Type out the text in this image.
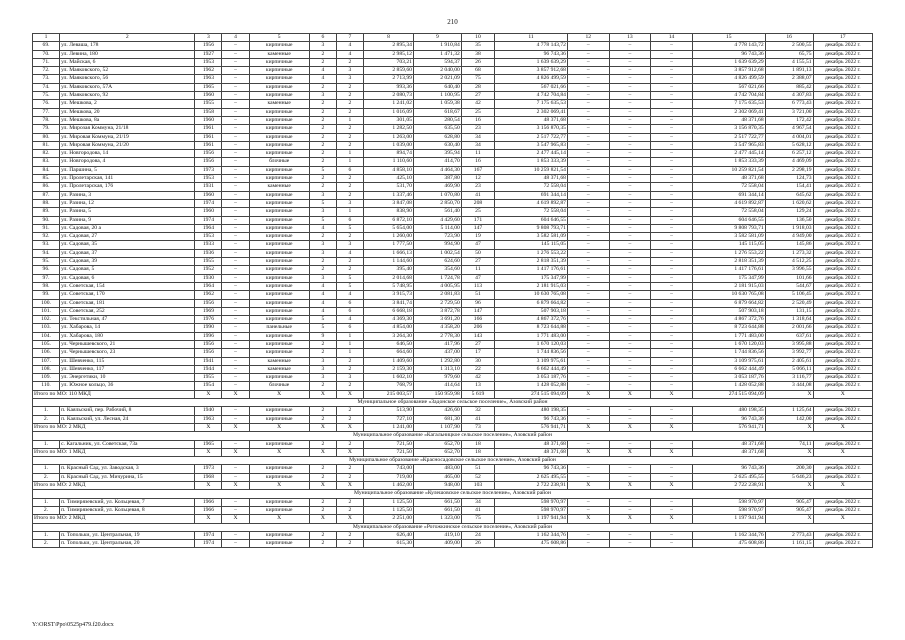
210
1	2	3	4	5	6	7	8	9	10	11	12	13	14	15	16	17
69.	ул. Леваша, 178	1956	–	кирпичные	3	4	2 895,34	1 910,84	35	4 778 143,72	–	–	–	4 778 143,72	2 500,55	декабрь 2022 г.
70.	ул. Левина, 180	1927	–	каменные	2	4	2 985,12	1 471,32	38	96 743,36	–	–	–	96 743,36	65,75	декабрь 2022 г.
71.	ул. Майская, 6	1953	–	кирпичные	2	2	703,21	594,37	26	1 639 639,29	–	–	–	1 639 639,29	4 155,51	декабрь 2022 г.
72.	ул. Маяковского, 52	1962	–	кирпичные	4	3	2 859,60	2 040,00	68	3 857 912,68	–	–	–	3 857 912,68	1 891,13	декабрь 2022 г.
73.	ул. Маяковского, 56	1963	–	кирпичные	4	3	2 713,99	2 021,09	75	4 826 499,59	–	–	–	4 826 499,59	2 388,07	декабрь 2022 г.
74.	ул. Маяковского, 57А	1965	–	кирпичные	2	2	993,36	640,40	28	567 021,66	–	–	–	567 021,66	885,42	декабрь 2022 г.
75.	ул. Маяковского, 92	1960	–	кирпичные	3	2	2 080,73	1 100,95	27	4 742 704,84	–	–	–	4 742 704,84	4 307,83	декабрь 2022 г.
76.	ул. Мешкова, 2	1955	–	каменные	2	2	1 241,02	1 059,38	42	7 175 635,53	–	–	–	7 175 635,53	6 773,43	декабрь 2022 г.
77.	ул. Мешкова, 20	1958	–	кирпичные	2	2	1 016,09	618,67	25	2 302 069,41	–	–	–	2 302 069,41	3 721,00	декабрь 2022 г.
78.	ул. Мешкова, 8а	1960	–	кирпичные	2	1	301,05	280,54	16	48 371,68	–	–	–	48 371,68	172,42	декабрь 2022 г.
79.	ул. Мирозая Коммуна, 21/18	1961	–	кирпичные	2	2	1 282,50	635,50	23	3 156 870,35	–	–	–	3 156 870,35	4 967,54	декабрь 2022 г.
80.	ул. Мировая Коммуна, 21/19	1961	–	кирпичные	2	2	1 263,00	628,80	34	2 517 722,77	–	–	–	2 517 722,77	4 004,01	декабрь 2022 г.
81.	ул. Мировая Коммуна, 21/20	1961	–	кирпичные	2	2	1 039,00	630,40	34	3 547 965,83	–	–	–	3 547 965,83	5 628,12	декабрь 2022 г.
82.	ул. Новгородова, 14	1956	–	кирпичные	2	1	894,74	395,94	11	2 477 445,14	–	–	–	2 477 445,14	6 257,12	декабрь 2022 г.
83.	ул. Новгородова, 4	1956	–	блочные	2	1	1 110,60	414,70	16	1 853 333,39	–	–	–	1 853 333,39	4 469,09	декабрь 2022 г.
84.	ул. Паршина, 5	1973	–	кирпичные	5	6	4 858,10	4 464,30	167	10 259 821,54	–	–	–	10 259 821,54	2 298,19	декабрь 2022 г.
85.	ул. Пролетарская, 141	1953	–	кирпичные	2	2	425,10	387,80	12	48 371,68	–	–	–	48 371,68	124,73	декабрь 2022 г.
86.	ул. Пролетарская, 176	1931	–	каменные	2	2	531,70	469,90	23	72 558,04	–	–	–	72 558,04	154,41	декабрь 2022 г.
87.	ул. Разина, 3	1960	–	кирпичные	3	2	1 337,46	1 070,80	41	691 344,14	–	–	–	691 344,14	645,62	декабрь 2022 г.
88.	ул. Разина, 12	1974	–	кирпичные	5	3	3 847,08	2 850,70	208	4 619 892,87	–	–	–	4 619 892,87	1 620,62	декабрь 2022 г.
89.	ул. Разина, 5	1960	–	кирпичные	3	1	838,90	561,40	25	72 558,04	–	–	–	72 558,04	129,24	декабрь 2022 г.
90.	ул. Разина, 9	1974	–	кирпичные	5	6	6 872,10	4 429,60	171	604 646,55	–	–	–	604 646,55	136,50	декабрь 2022 г.
91.	ул. Садовая, 20 а	1964	–	кирпичные	4	5	5 654,00	5 114,00	147	9 808 793,71	–	–	–	9 808 793,71	1 918,03	декабрь 2022 г.
92.	ул. Садовая, 27	1953	–	кирпичные	2	2	1 260,00	723,90	19	3 582 581,09	–	–	–	3 582 581,09	4 949,00	декабрь 2022 г.
93.	ул. Садовая, 35	1933	–	кирпичные	3	3	1 777,50	994,90	47	145 115,05	–	–	–	145 115,05	145,86	декабрь 2022 г.
94.	ул. Садовая, 37	1936	–	кирпичные	3	4	1 666,13	1 002,54	50	1 276 553,22	–	–	–	1 276 553,22	1 273,32	декабрь 2022 г.
95.	ул. Садовая, 39	1955	–	кирпичные	2	2	1 144,60	624,60	27	2 818 351,39	–	–	–	2 818 351,39	4 512,25	декабрь 2022 г.
96.	ул. Садовая, 5	1952	–	кирпичные	2	2	395,40	354,60	11	1 417 176,61	–	–	–	1 417 176,61	3 996,55	декабрь 2022 г.
97.	ул. Садовая, 6	1930	–	кирпичные	3	5	2 014,68	1 724,78	47	175 347,99	–	–	–	175 347,99	101,66	декабрь 2022 г.
98.	ул. Советская, 154	1964	–	кирпичные	4	5	5 748,95	4 005,95	113	2 181 915,03	–	–	–	2 181 915,03	544,67	декабрь 2022 г.
99.	ул. Советская, 170	1962	–	кирпичные	4	4	3 915,73	2 081,83	51	10 630 765,08	–	–	–	10 630 765,08	5 106,45	декабрь 2022 г.
100.	ул. Советская, 181	1956	–	кирпичные	4	6	3 841,74	2 729,50	96	6 879 664,82	–	–	–	6 879 664,82	2 520,49	декабрь 2022 г.
101.	ул. Советская, 252	1969	–	кирпичные	4	6	6 668,18	3 872,78	147	507 903,18	–	–	–	507 903,18	131,15	декабрь 2022 г.
102.	ул. Текстильная, 47	1976	–	кирпичные	5	4	4 369,30	3 691,20	166	4 867 372,76	–	–	–	4 867 372,76	1 318,64	декабрь 2022 г.
103.	ул. Хабарова, 14	1990	–	панельные	5	6	4 854,00	4 358,20	206	8 723 644,88	–	–	–	8 723 644,88	2 001,66	декабрь 2022 г.
104.	ул. Хабарова, 180	1996	–	кирпичные	9	1	3 264,30	2 778,30	143	1 771 483,00	–	–	–	1 771 483,00	637,61	декабрь 2022 г.
105.	ул. Чернышевского, 21	1956	–	кирпичные	2	1	646,50	417,96	27	1 670 120,03	–	–	–	1 670 120,03	3 995,88	декабрь 2022 г.
106.	ул. Чернышевского, 23	1956	–	кирпичные	2	1	664,60	437,00	17	1 744 836,56	–	–	–	1 744 836,56	3 992,77	декабрь 2022 г.
107.	ул. Шевченко, 115	1941	–	каменные	3	2	1 409,60	1 292,80	30	3 109 975,61	–	–	–	3 109 975,61	2 405,61	декабрь 2022 г.
108.	ул. Шевченко, 117	1944	–	каменные	3	2	2 159,30	1 313,10	22	6 662 444,49	–	–	–	6 662 444,49	5 066,11	декабрь 2022 г.
109.	ул. Энергетики, 10	1955	–	кирпичные	3	3	1 602,10	979,60	42	3 053 187,76	–	–	–	3 053 187,76	3 116,77	декабрь 2022 г.
110.	ул. Южное кольцо, 36	1954	–	блочные	2	2	768,79	414,64	13	1 428 052,88	–	–	–	1 428 052,88	3 444,08	декабрь 2022 г.
Итого по МО: 110 МКД		X	X	X	X	X	215 003,57	150 959,98	5 619	274 515 094,09	X	X	X	274 515 094,09	X	X
Муниципальное образование «Задонское сельское поселение», Азовский район																
1.	п. Каяльский, пер. Рабочий, 8	1940	–	кирпичные	2	2	513,90	426,60	32	480 198,35	–	–	–	480 198,35	1 125,64	декабрь 2022 г.
2.	п. Каяльский, ул. Лесная, 24	1963	–	кирпичные	2	2	727,10	681,30	41	96 743,36	–	–	–	96 743,36	142,00	декабрь 2022 г.
Итого по МО: 2 МКД		X	X	X	X	X	1 241,00	1 107,90	73	576 941,71	X	X	X	576 941,71	X	X
Муниципальное образование «Кагальницкое сельское поселение», Азовский район																
1.	с. Кагальник, ул. Советская, 73а	1965	–	кирпичные	2	2	721,50	652,70	18	48 371,68	–	–	–	48 371,68	74,11	декабрь 2022 г.
Итого по МО: 1 МКД		X	X	X	X	X	721,50	652,70	18	48 371,68	X	X	X	48 371,68	X	X
Муниципальное образование «Красносадовское сельское поселение», Азовский район																
1.	п. Красный Сад, ул. Заводская, 3	1973	–	кирпичные	2	2	743,00	483,00	51	96 743,36	–	–	–	96 743,36	200,30	декабрь 2022 г.
2.	п. Красный Сад, ул. Мичурина, 15	1968	–	кирпичные	2	2	719,00	465,00	52	2 625 495,55	–	–	–	2 625 495,55	5 646,23	декабрь 2022 г.
Итого по МО: 2 МКД		X	X	X	X	X	1 462,00	948,00	103	2 722 238,91	X	X	X	2 722 238,91	X	X
Муниципальное образование «Кулешовское сельское поселение», Азовский район																
1.	п. Тимирязевский, ул. Кольцевая, 7	1966	–	кирпичные	2	2	1 125,50	661,50	34	598 970,97	–	–	–	598 970,97	905,47	декабрь 2022 г.
2.	п. Тимирязевский, ул. Кольцевая, 8	1966	–	кирпичные	2	2	1 125,50	661,50	41	598 970,97	–	–	–	598 970,97	905,47	декабрь 2022 г.
Итого по МО: 2 МКД		X	X	X	X	X	2 251,00	1 323,00	75	1 197 941,94	X	X	X	1 197 941,94	X	X
Муниципальное образование «Рогожкинское сельское поселение», Азовский район																
1.	п. Топольки, ул. Центральная, 19	1974	–	кирпичные	2	2	626,40	419,10	24	1 162 344,76	–	–	–	1 162 344,76	2 773,43	декабрь 2022 г.
2.	п. Топольки, ул. Центральная, 20	1974	–	кирпичные	2	2	615,30	409,00	26	475 608,86	–	–	–	475 608,86	1 161,15	декабрь 2022 г.
Y:\ORST\Ppo\0525p479.f20.docx
